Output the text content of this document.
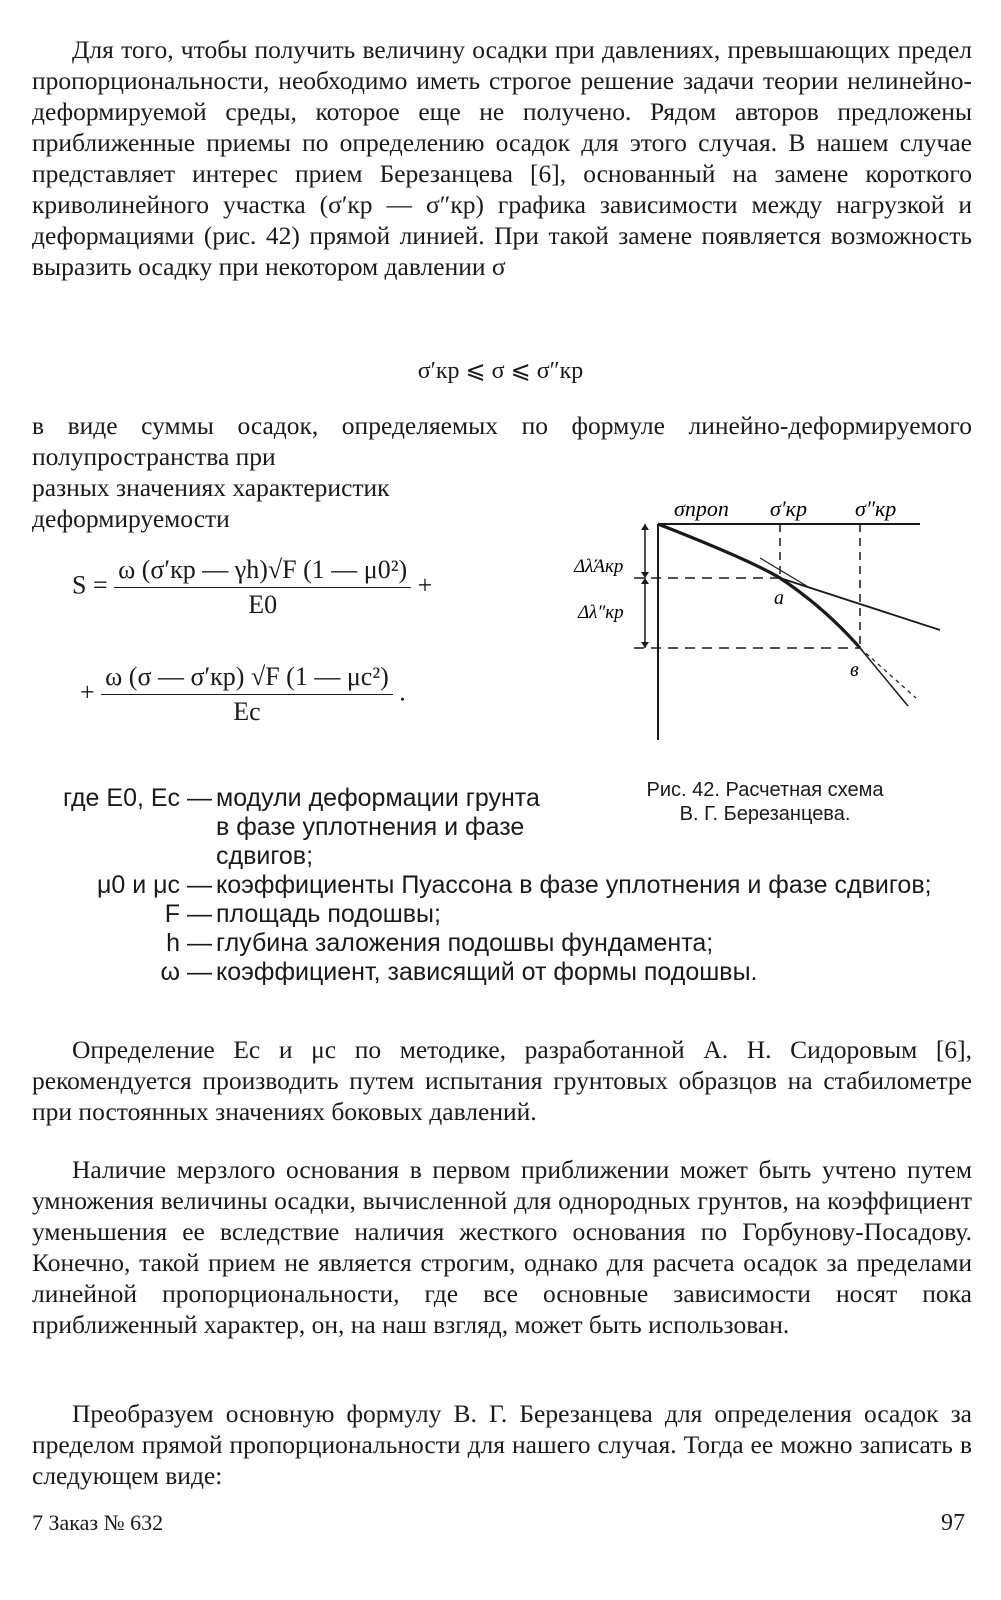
Для того, чтобы получить величину осадки при давлениях, превышающих предел пропорциональности, необходимо иметь строгое решение задачи теории нелинейно-деформируемой среды, которое еще не получено. Рядом авторов предложены приближенные приемы по определению осадок для этого случая. В нашем случае представляет интерес прием Березанцева [6], основанный на замене короткого криволинейного участка (σ′кр — σ″кр) графика зависимости между нагрузкой и деформациями (рис. 42) прямой линией. При такой замене появляется возможность выразить осадку при некотором давлении σ

σ′кр ⩽ σ ⩽ σ″кр

в виде суммы осадок, определяемых по формуле линейно-деформируемого полупространства при

разных значениях характеристик деформируемости
$S = \frac{\text{ω (σ′кр — γh)√F (1 — μ0²)}}{E0}$ +
+ $\frac{\text{ω (σ — σ′кр) √F (1 — μс²)}}{Eс}$ .
σпроп σ′кр σ″кр
ΔλΆкр
Δλ″кр
a
в
Рис. 42. Расчетная схема
В. Г. Березанцева.
где E0, Eс — модули деформации грунта в фазе уплотнения и фазе сдвигов;
μ0 и μс — коэффициенты Пуассона в фазе уплотнения и фазе сдвигов;
F — площадь подошвы;
h — глубина заложения подошвы фундамента;
ω — коэффициент, зависящий от формы подошвы.

Определение Eс и μс по методике, разработанной А. Н. Сидоровым [6], рекомендуется производить путем испытания грунтовых образцов на стабилометре при постоянных значениях боковых давлений.

Наличие мерзлого основания в первом приближении может быть учтено путем умножения величины осадки, вычисленной для однородных грунтов, на коэффициент уменьшения ее вследствие наличия жесткого основания по Горбунову-Посадову. Конечно, такой прием не является строгим, однако для расчета осадок за пределами линейной пропорциональности, где все основные зависимости носят пока приближенный характер, он, на наш взгляд, может быть использован.

Преобразуем основную формулу В. Г. Березанцева для определения осадок за пределом прямой пропорциональности для нашего случая. Тогда ее можно записать в следующем виде:

7 Заказ № 632	97
